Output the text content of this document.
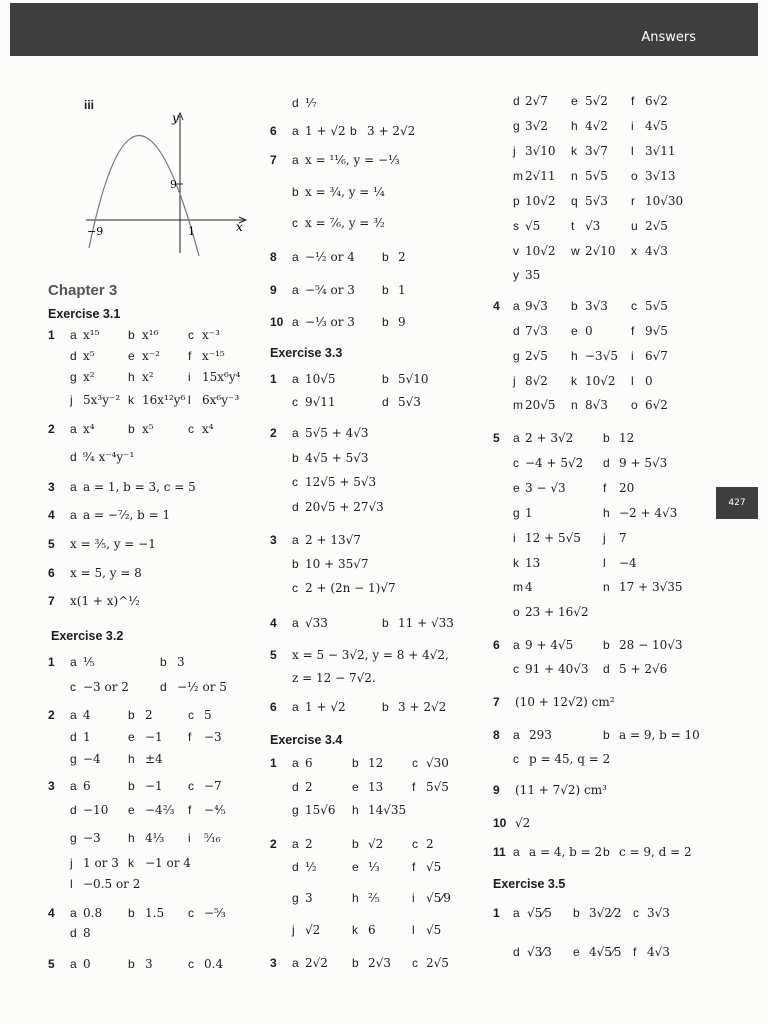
Answers
427
iii
y
x
9
−9	1
Chapter 3
Exercise 3.1
1 a x¹⁵ b x¹⁶ c x⁻³
d x⁵	e x⁻² f x⁻¹⁵
g x²	h x²	i 15x⁶y⁴
j 5x³y⁻² k 16x¹²y⁶ l 6x⁶y⁻³
2 a x⁴	b x⁵	c x⁴
d ⁹⁄₄ x⁻⁴y⁻¹
3 a a = 1, b = 3, c = 5
4 a a = −⁷⁄₂, b = 1
5 x = ³⁄₅, y = −1
6 x = 5, y = 8
7 x(1 + x)^½
Exercise 3.2
1 a ¹⁄₅	b 3
c −3 or 2	d −½ or 5
2 a 4	b 2	c 5
d 1	e −1 f −3
g −4 h ±4
3 a 6	b −1 c −7
d −10 e −4⅔ f −⁴⁄₅
g −3 h 4⅓ i ⁵⁄₁₆
j 1 or 3 k −1 or 4
l −0.5 or 2
4 a 0.8 b 1.5 c −⁵⁄₃
d 8
5 a 0	b 3	c 0.4
d ¹⁄₇
6 a 1 + √2 b 3 + 2√2
7 a x = ¹¹⁄₆, y = −⅓
b x = ¾, y = ¼
c x = ⁷⁄₆, y = ³⁄₂
8 a −½ or 4 b 2
9 a −⁵⁄₄ or 3 b 1
10 a −⅓ or 3 b 9
Exercise 3.3
1 a 10√5	b 5√10
c 9√11	d 5√3
2 a 5√5 + 4√3
b 4√5 + 5√3
c 12√5 + 5√3
d 20√5 + 27√3
3 a 2 + 13√7
b 10 + 35√7
c 2 + (2n − 1)√7
4 a √33	b 11 + √33
5 x = 5 − 3√2, y = 8 + 4√2,
z = 12 − 7√2.
6 a 1 + √2	b 3 + 2√2
Exercise 3.4
1 a 6	b 12 c √30
d 2	e 13 f 5√5
g 15√6 h 14√35
2 a 2	b √2 c 2
d ½	e ⅓	f √5
g 3	h ²⁄₅	i √5⁄9
j √2	k 6	l √5
3 a 2√2 b 2√3 c 2√5
d 2√7 e 5√2 f 6√2
g 3√2 h 4√2 i 4√5
j 3√10 k 3√7 l 3√11
m 2√11 n 5√5 o 3√13
p 10√2 q 5√3 r 10√30
s √5	t √3	u 2√5
v 10√2 w 2√10 x 4√3
y 35
4 a 9√3 b 3√3 c 5√5
d 7√3 e 0	f 9√5
g 2√5 h −3√5 i 6√7
j 8√2 k 10√2 l 0
m 20√5 n 8√3 o 6√2
5 a 2 + 3√2 b 12
c −4 + 5√2 d 9 + 5√3
e 3 − √3	f 20
g 1	h −2 + 4√3
i 12 + 5√5 j 7
k 13	l −4
m 4	n 17 + 3√35
o 23 + 16√2
6 a 9 + 4√5 b 28 − 10√3
c 91 + 40√3 d 5 + 2√6
7 (10 + 12√2) cm²
8 a 293	b a = 9, b = 10
c p = 45, q = 2
9 (11 + 7√2) cm³
10 √2
11 a a = 4, b = 2 b c = 9, d = 2
Exercise 3.5
1 a √5⁄5 b 3√2⁄2 c 3√3
d √3⁄3 e 4√5⁄5 f 4√3
